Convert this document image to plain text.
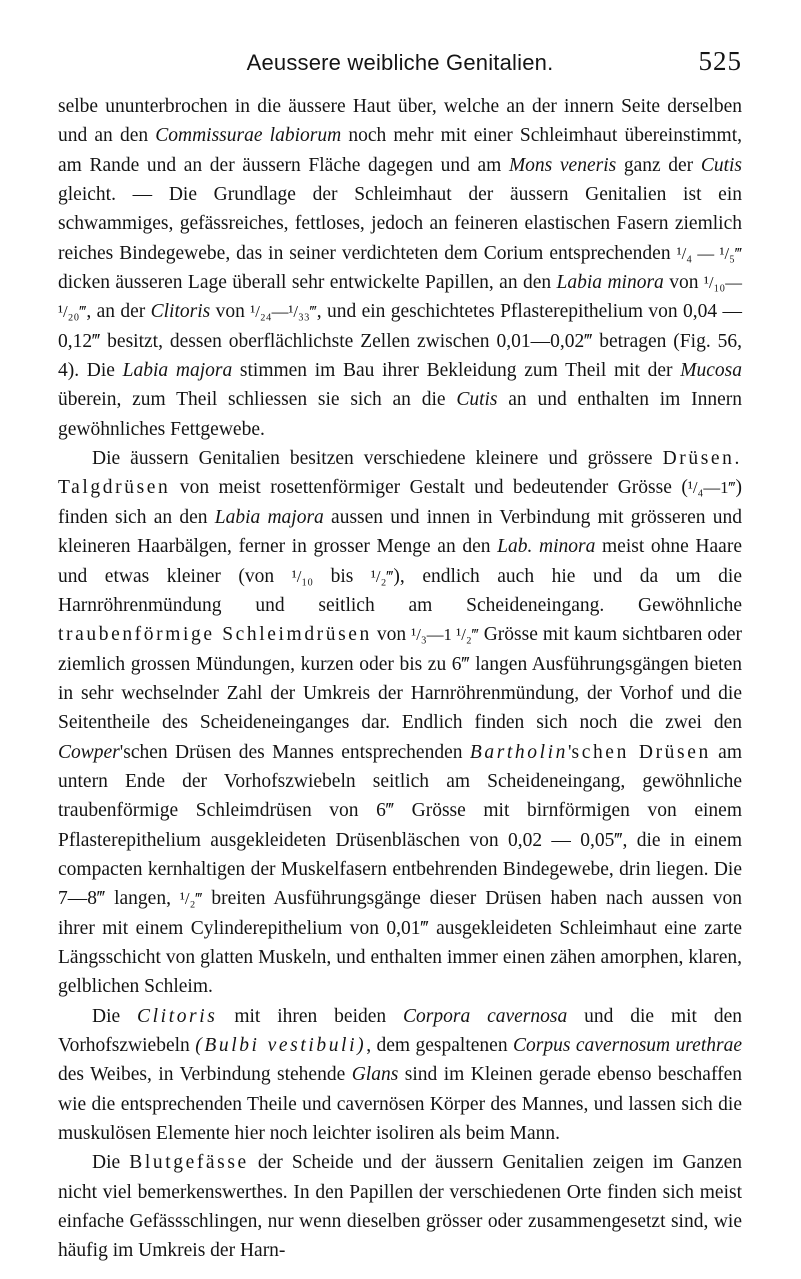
Aeussere weibliche Genitalien.	525

selbe ununterbrochen in die äussere Haut über, welche an der innern Seite derselben und an den Commissurae labiorum noch mehr mit einer Schleimhaut übereinstimmt, am Rande und an der äussern Fläche dagegen und am Mons veneris ganz der Cutis gleicht. — Die Grundlage der Schleimhaut der äussern Genitalien ist ein schwammiges, gefässreiches, fettloses, jedoch an feineren elastischen Fasern ziemlich reiches Bindegewebe, das in seiner verdichteten dem Corium entsprechenden ¹/₄ — ¹/₅‴ dicken äusseren Lage überall sehr entwickelte Papillen, an den Labia minora von ¹/₁₀—¹/₂₀‴, an der Clitoris von ¹/₂₄—¹/₃₃‴, und ein geschichtetes Pflasterepithelium von 0,04 — 0,12‴ besitzt, dessen oberflächlichste Zellen zwischen 0,01—0,02‴ betragen (Fig. 56, 4). Die Labia majora stimmen im Bau ihrer Bekleidung zum Theil mit der Mucosa überein, zum Theil schliessen sie sich an die Cutis an und enthalten im Innern gewöhnliches Fettgewebe.

Die äussern Genitalien besitzen verschiedene kleinere und grössere Drüsen. Talgdrüsen von meist rosettenförmiger Gestalt und bedeutender Grösse (¹/₄—1‴) finden sich an den Labia majora aussen und innen in Verbindung mit grösseren und kleineren Haarbälgen, ferner in grosser Menge an den Lab. minora meist ohne Haare und etwas kleiner (von ¹/₁₀ bis ¹/₂‴), endlich auch hie und da um die Harnröhrenmündung und seitlich am Scheideneingang. Gewöhnliche traubenförmige Schleimdrüsen von ¹/₃—1 ¹/₂‴ Grösse mit kaum sichtbaren oder ziemlich grossen Mündungen, kurzen oder bis zu 6‴ langen Ausführungsgängen bieten in sehr wechselnder Zahl der Umkreis der Harnröhrenmündung, der Vorhof und die Seitentheile des Scheideneinganges dar. Endlich finden sich noch die zwei den Cowper'schen Drüsen des Mannes entsprechenden Bartholin'schen Drüsen am untern Ende der Vorhofszwiebeln seitlich am Scheideneingang, gewöhnliche traubenförmige Schleimdrüsen von 6‴ Grösse mit birnförmigen von einem Pflasterepithelium ausgekleideten Drüsenbläschen von 0,02 — 0,05‴, die in einem compacten kernhaltigen der Muskelfasern entbehrenden Bindegewebe, drin liegen. Die 7—8‴ langen, ¹/₂‴ breiten Ausführungsgänge dieser Drüsen haben nach aussen von ihrer mit einem Cylinderepithelium von 0,01‴ ausgekleideten Schleimhaut eine zarte Längsschicht von glatten Muskeln, und enthalten immer einen zähen amorphen, klaren, gelblichen Schleim.

Die Clitoris mit ihren beiden Corpora cavernosa und die mit den Vorhofszwiebeln (Bulbi vestibuli), dem gespaltenen Corpus cavernosum urethrae des Weibes, in Verbindung stehende Glans sind im Kleinen gerade ebenso beschaffen wie die entsprechenden Theile und cavernösen Körper des Mannes, und lassen sich die muskulösen Elemente hier noch leichter isoliren als beim Mann.

Die Blutgefässe der Scheide und der äussern Genitalien zeigen im Ganzen nicht viel bemerkenswerthes. In den Papillen der verschiedenen Orte finden sich meist einfache Gefässschlingen, nur wenn dieselben grösser oder zusammengesetzt sind, wie häufig im Umkreis der Harn-
